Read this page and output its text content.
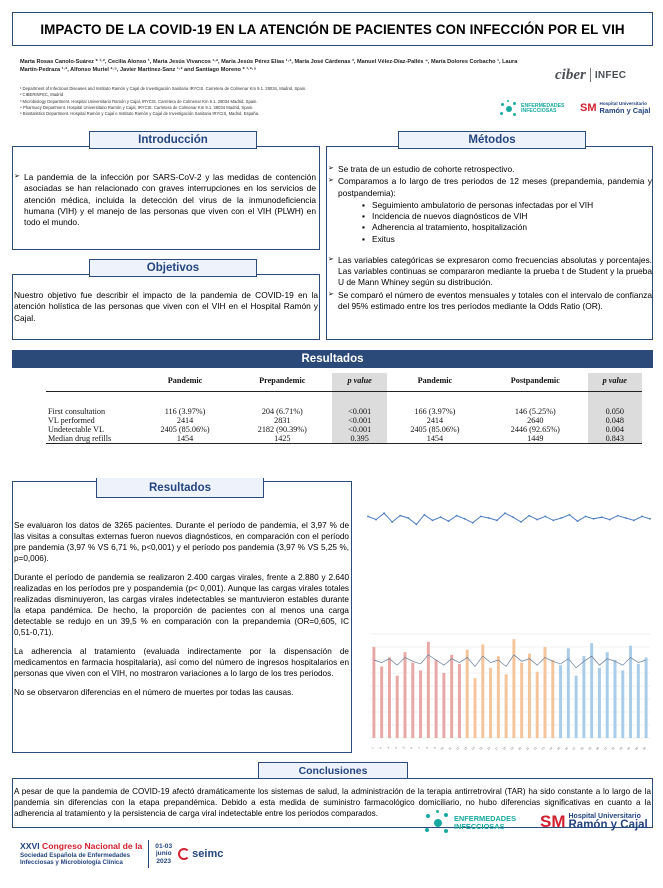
IMPACTO DE LA COVID-19 EN LA ATENCIÓN DE PACIENTES CON INFECCIÓN POR EL VIH
Marta Rosas Canolo-Suárez * ¹·², Cecilia Alonso ¹, María Jesús Vivancos ¹·², María Jesús Pérez Elías ¹·², María José Cárdenas ³, Manuel Vélez-Díaz-Pallés ⁴, María Dolores Corbacho ¹, Laura Martín-Pedraza ¹·², Alfonso Muriel ²·⁵, Javier Martínez-Sanz ¹·² and Santiago Moreno * ¹·²·⁵
¹ Department of Infectious Diseases and Instituto Ramón y Cajal de Investigación Sanitaria IRYCIS. Carretera de Colmenar Km 9.1. 28034, Madrid, Spain.
² CIBERINFEC, Madrid
³ Microbiology Department. Hospital Universitario Ramón y Cajal, IRYCIS. Carretera de Colmenar Km 9.1. 28034 Madrid, Spain.
⁴ Pharmacy Department. Hospital Universitario Ramón y Cajal, IRYCIS. Carretera de Colmenar Km 9.1. 28034 Madrid, Spain.
⁵ Biostatistics Department. Hospital Ramón y Cajal e Instituto Ramón y Cajal de Investigación Sanitaria IRYCIS, Madrid, España.
ciber INFEC
ENFERMEDADES
INFECCIOSAS	SM Hospital Universitario
Ramón y Cajal
Introducción
➢ La pandemia de la infección por SARS-CoV-2 y las medidas de contención asociadas se han relacionado con graves interrupciones en los servicios de atención médica, incluida la detección del virus de la inmunodeficiencia humana (VIH) y el manejo de las personas que viven con el VIH (PLWH) en todo el mundo.
Objetivos
Nuestro objetivo fue describir el impacto de la pandemia de COVID-19 en la atención holística de las personas que viven con el VIH en el Hospital Ramón y Cajal.
Métodos
➢ Se trata de un estudio de cohorte retrospectivo.
➢ Comparamos a lo largo de tres periodos de 12 meses (prepandemia, pandemia y postpandemia):
▪ Seguimiento ambulatorio de personas infectadas por el VIH
▪ Incidencia de nuevos diagnósticos de VIH
▪ Adherencia al tratamiento, hospitalización
▪ Exitus
➢ Las variables categóricas se expresaron como frecuencias absolutas y porcentajes. Las variables continuas se compararon mediante la prueba t de Student y la prueba U de Mann Whiney según su distribución.
➢ Se comparó el número de eventos mensuales y totales con el intervalo de confianza del 95% estimado entre los tres períodos mediante la Odds Ratio (OR).
Resultados
	Pandemic	Prepandemic	p value	Pandemic	Postpandemic	p value

First consultation	116 (3.97%)	204 (6.71%)	<0.001	166 (3.97%)	146 (5.25%)	0.050
VL performed	2414	2831	<0.001	2414	2640	0.048
Undetectable VL	2405 (85.06%)	2182 (90.39%)	<0.001	2405 (85.06%)	2446 (92.65%)	0.004
Median drug refills	1454	1425	0.395	1454	1449	0.843
Resultados

Se evaluaron los datos de 3265 pacientes. Durante el período de pandemia, el 3,97 % de las visitas a consultas externas fueron nuevos diagnósticos, en comparación con el período pre pandemia (3,97 % VS 6,71 %, p<0,001) y el período pos pandemia (3,97 % VS 5,25 %, p=0,006).

Durante el período de pandemia se realizaron 2.400 cargas virales, frente a 2.880 y 2.640 realizadas en los períodos pre y pospandemia (p< 0,001). Aunque las cargas virales totales realizadas disminuyeron, las cargas virales indetectables se mantuvieron estables durante la etapa pandémica. De hecho, la proporción de pacientes con al menos una carga detectable se redujo en un 39,5 % en comparación con la prepandemia (OR=0,605, IC 0,51-0,71).

La adherencia al tratamiento (evaluada indirectamente por la dispensación de medicamentos en farmacia hospitalaria), así como del número de ingresos hospitalarios en personas que viven con el VIH, no mostraron variaciones a lo largo de los tres periodos.

No se observaron diferencias en el número de muertes por todas las causas.

1 2 3 4 5 6 7 8 9 10 11 12 13 14 15 16 17 18 19 20 21 22 23 24 25 26 27 28 29 30 31 32 33 34 35 36
Conclusiones
A pesar de que la pandemia de COVID-19 afectó dramáticamente los sistemas de salud, la administración de la terapia antirretroviral (TAR) ha sido constante a lo largo de la pandemia sin diferencias con la etapa prepandémica. Debido a esta medida de suministro farmacológico domiciliario, no hubo diferencias significativas en cuanto a la adherencia al tratamiento y la persistencia de carga viral indetectable entre los periodos comparados.
XXVI Congreso Nacional de la
Sociedad Española de Enfermedades
Infecciosas y Microbiología Clínica
01-03
junio
2023
seimc
ENFERMEDADES
INFECCIOSAS	SM Hospital Universitario
Ramón y Cajal
